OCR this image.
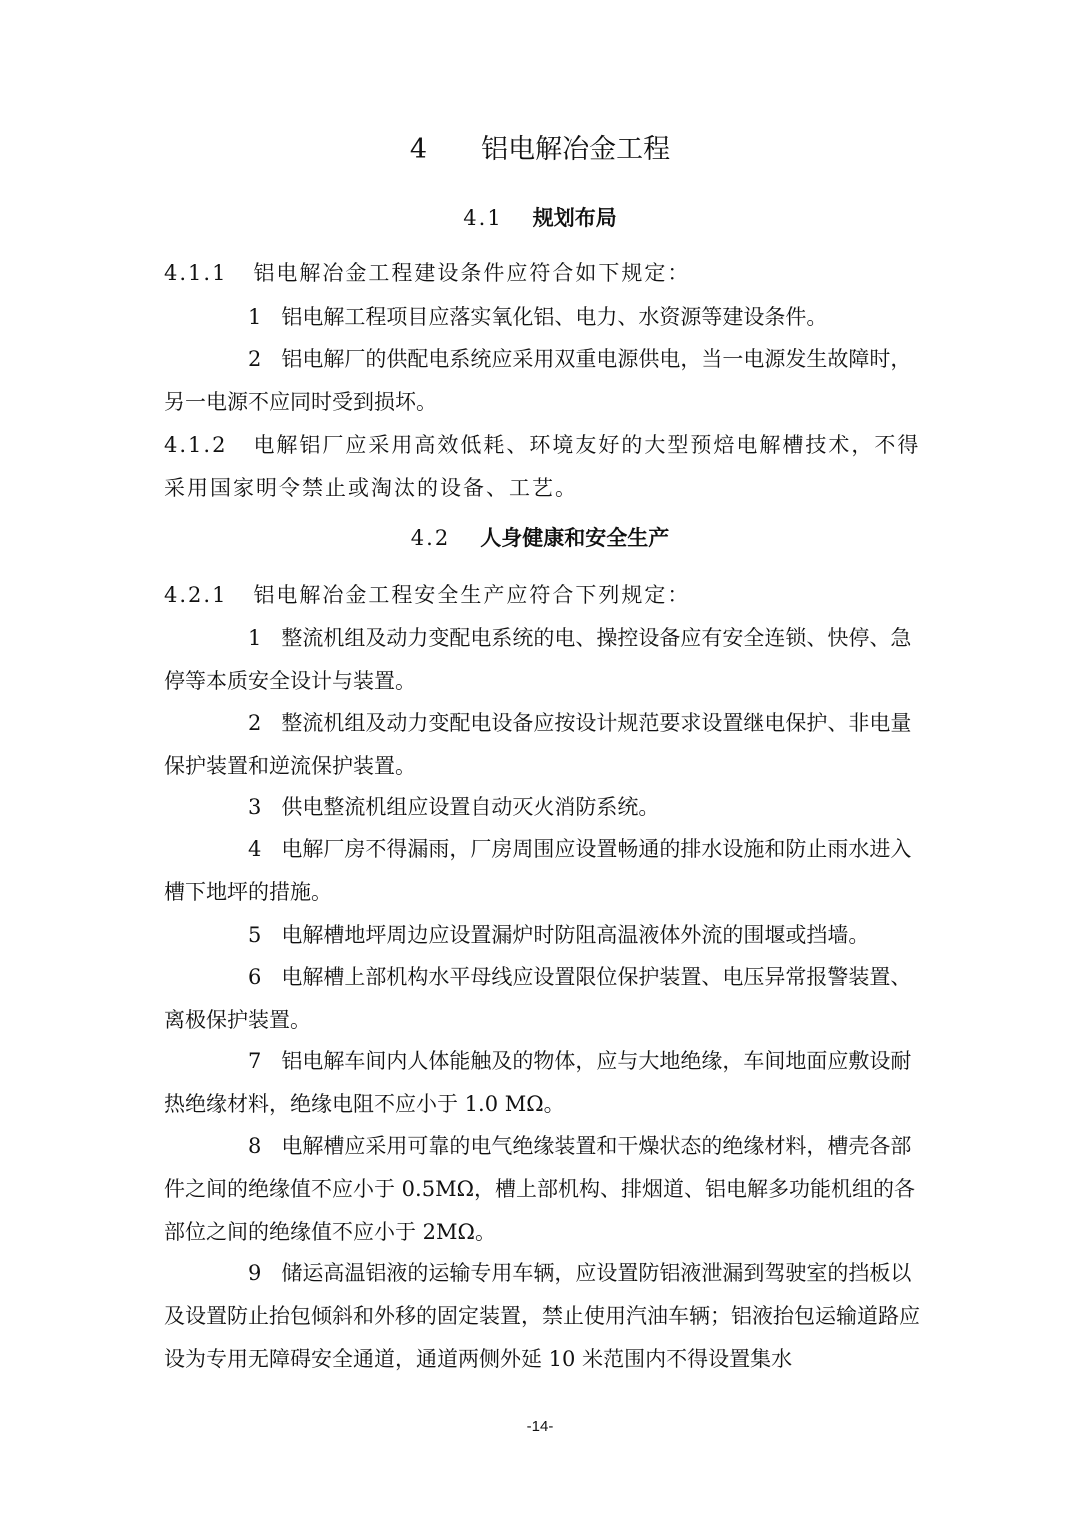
4 铝电解冶金工程
4.1 规划布局
4.1.1 铝电解冶金工程建设条件应符合如下规定：
1 铝电解工程项目应落实氧化铝、电力、水资源等建设条件。
2 铝电解厂的供配电系统应采用双重电源供电，当一电源发生故障时，另一电源不应同时受到损坏。
4.1.2 电解铝厂应采用高效低耗、环境友好的大型预焙电解槽技术，不得采用国家明令禁止或淘汰的设备、工艺。
4.2 人身健康和安全生产
4.2.1 铝电解冶金工程安全生产应符合下列规定：
1 整流机组及动力变配电系统的电、操控设备应有安全连锁、快停、急停等本质安全设计与装置。
2 整流机组及动力变配电设备应按设计规范要求设置继电保护、非电量保护装置和逆流保护装置。
3 供电整流机组应设置自动灭火消防系统。
4 电解厂房不得漏雨，厂房周围应设置畅通的排水设施和防止雨水进入槽下地坪的措施。
5 电解槽地坪周边应设置漏炉时防阻高温液体外流的围堰或挡墙。
6 电解槽上部机构水平母线应设置限位保护装置、电压异常报警装置、离极保护装置。
7 铝电解车间内人体能触及的物体，应与大地绝缘，车间地面应敷设耐热绝缘材料，绝缘电阻不应小于 1.0 MΩ。
8 电解槽应采用可靠的电气绝缘装置和干燥状态的绝缘材料，槽壳各部件之间的绝缘值不应小于 0.5MΩ，槽上部机构、排烟道、铝电解多功能机组的各部位之间的绝缘值不应小于 2MΩ。
9 储运高温铝液的运输专用车辆，应设置防铝液泄漏到驾驶室的挡板以及设置防止抬包倾斜和外移的固定装置，禁止使用汽油车辆；铝液抬包运输道路应设为专用无障碍安全通道，通道两侧外延 10 米范围内不得设置集水
-14-
